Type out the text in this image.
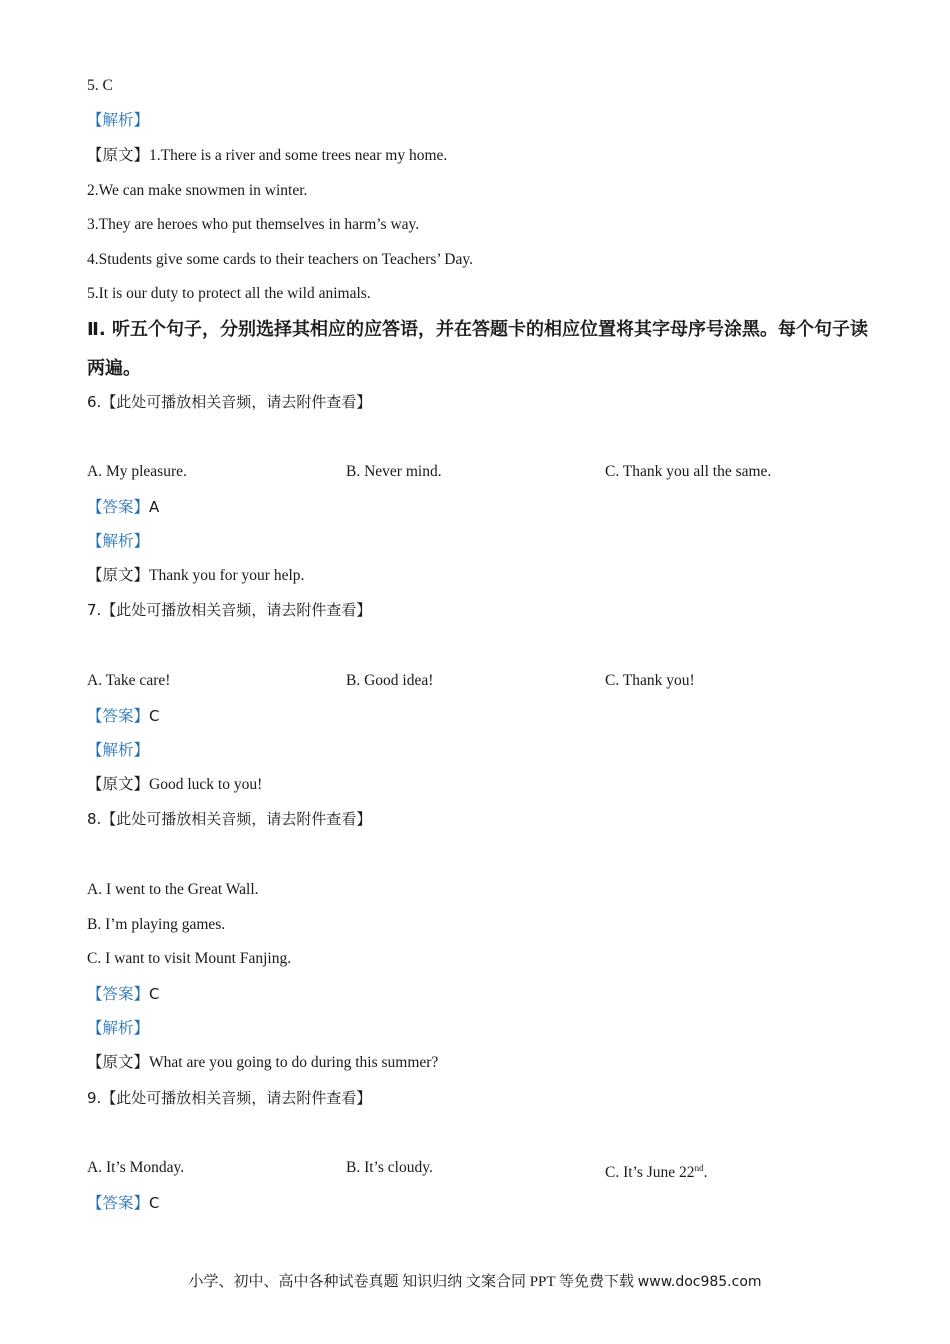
5. C
【解析】
【原文】1.There is a river and some trees near my home.
2.We can make snowmen in winter.
3.They are heroes who put themselves in harm’s way.
4.Students give some cards to their teachers on Teachers’ Day.
5.It is our duty to protect all the wild animals.
Ⅱ. 听五个句子，分别选择其相应的应答语，并在答题卡的相应位置将其字母序号涂黑。每个句子读两遍。
6.【此处可播放相关音频，请去附件查看】
A. My pleasure.	B. Never mind.	C. Thank you all the same.
【答案】A
【解析】
【原文】Thank you for your help.
7.【此处可播放相关音频，请去附件查看】
A. Take care!	B. Good idea!	C. Thank you!
【答案】C
【解析】
【原文】Good luck to you!
8.【此处可播放相关音频，请去附件查看】
A. I went to the Great Wall.
B. I’m playing games.
C. I want to visit Mount Fanjing.
【答案】C
【解析】
【原文】What are you going to do during this summer?
9.【此处可播放相关音频，请去附件查看】
A. It’s Monday.	B. It’s cloudy.	C. It’s June 22nd.
【答案】C
小学、初中、高中各种试卷真题 知识归纳 文案合同 PPT 等免费下载 www.doc985.com
